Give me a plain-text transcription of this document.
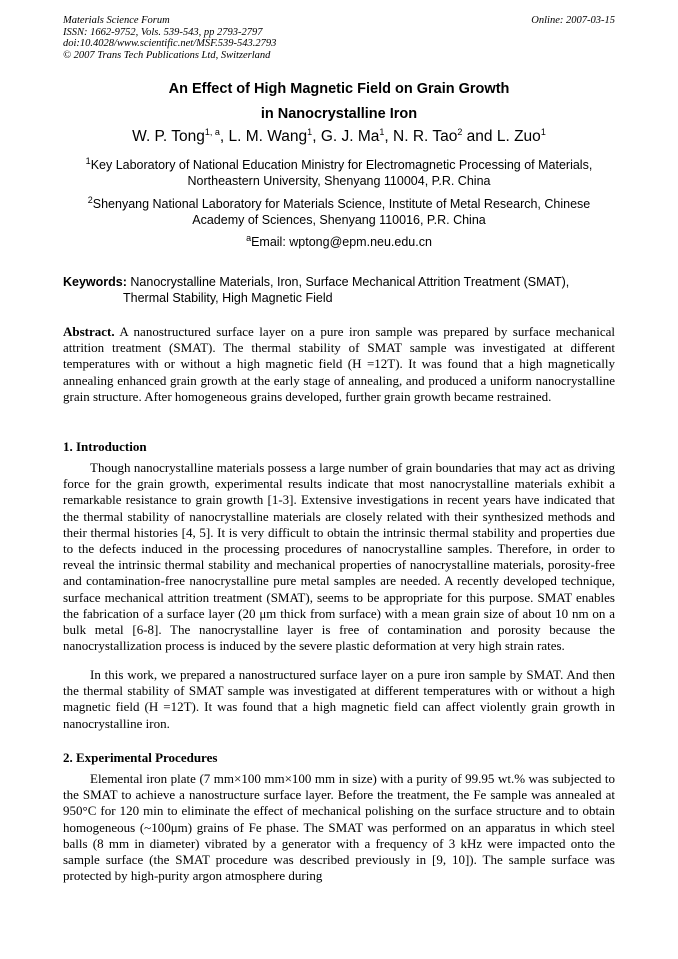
Materials Science Forum
ISSN: 1662-9752, Vols. 539-543, pp 2793-2797
doi:10.4028/www.scientific.net/MSF.539-543.2793
© 2007 Trans Tech Publications Ltd, Switzerland
Online: 2007-03-15
An Effect of High Magnetic Field on Grain Growth
in Nanocrystalline Iron
W. P. Tong$^{1, a}$, L. M. Wang$^1$, G. J. Ma$^1$, N. R. Tao$^2$ and L. Zuo$^1$
$^1$Key Laboratory of National Education Ministry for Electromagnetic Processing of Materials,
Northeastern University, Shenyang 110004, P.R. China
$^2$Shenyang National Laboratory for Materials Science, Institute of Metal Research, Chinese
Academy of Sciences, Shenyang 110016, P.R. China
$^a$Email: wptong@epm.neu.edu.cn
Keywords: Nanocrystalline Materials, Iron, Surface Mechanical Attrition Treatment (SMAT),
Thermal Stability, High Magnetic Field
Abstract. A nanostructured surface layer on a pure iron sample was prepared by surface mechanical attrition treatment (SMAT). The thermal stability of SMAT sample was investigated at different temperatures with or without a high magnetic field (H =12T). It was found that a high magnetically annealing enhanced grain growth at the early stage of annealing, and produced a uniform nanocrystalline grain structure. After homogeneous grains developed, further grain growth became restrained.
1. Introduction
Though nanocrystalline materials possess a large number of grain boundaries that may act as driving force for the grain growth, experimental results indicate that most nanocrystalline materials exhibit a remarkable resistance to grain growth [1-3]. Extensive investigations in recent years have indicated that the thermal stability of nanocrystalline materials are closely related with their synthesized methods and their thermal histories [4, 5]. It is very difficult to obtain the intrinsic thermal stability and properties due to the defects induced in the processing procedures of nanocrystalline samples. Therefore, in order to reveal the intrinsic thermal stability and mechanical properties of nanocrystalline materials, porosity-free and contamination-free nanocrystalline pure metal samples are needed. A recently developed technique, surface mechanical attrition treatment (SMAT), seems to be appropriate for this purpose. SMAT enables the fabrication of a surface layer (20 μm thick from surface) with a mean grain size of about 10 nm on a bulk metal [6-8]. The nanocrystalline layer is free of contamination and porosity because the nanocrystallization process is induced by the severe plastic deformation at very high strain rates.
In this work, we prepared a nanostructured surface layer on a pure iron sample by SMAT. And then the thermal stability of SMAT sample was investigated at different temperatures with or without a high magnetic field (H =12T). It was found that a high magnetic field can affect violently grain growth in nanocrystalline iron.
2. Experimental Procedures
Elemental iron plate (7 mm×100 mm×100 mm in size) with a purity of 99.95 wt.% was subjected to the SMAT to achieve a nanostructure surface layer. Before the treatment, the Fe sample was annealed at 950°C for 120 min to eliminate the effect of mechanical polishing on the surface structure and to obtain homogeneous (~100μm) grains of Fe phase. The SMAT was performed on an apparatus in which steel balls (8 mm in diameter) vibrated by a generator with a frequency of 3 kHz were impacted onto the sample surface (the SMAT procedure was described previously in [9, 10]). The sample surface was protected by high-purity argon atmosphere during
